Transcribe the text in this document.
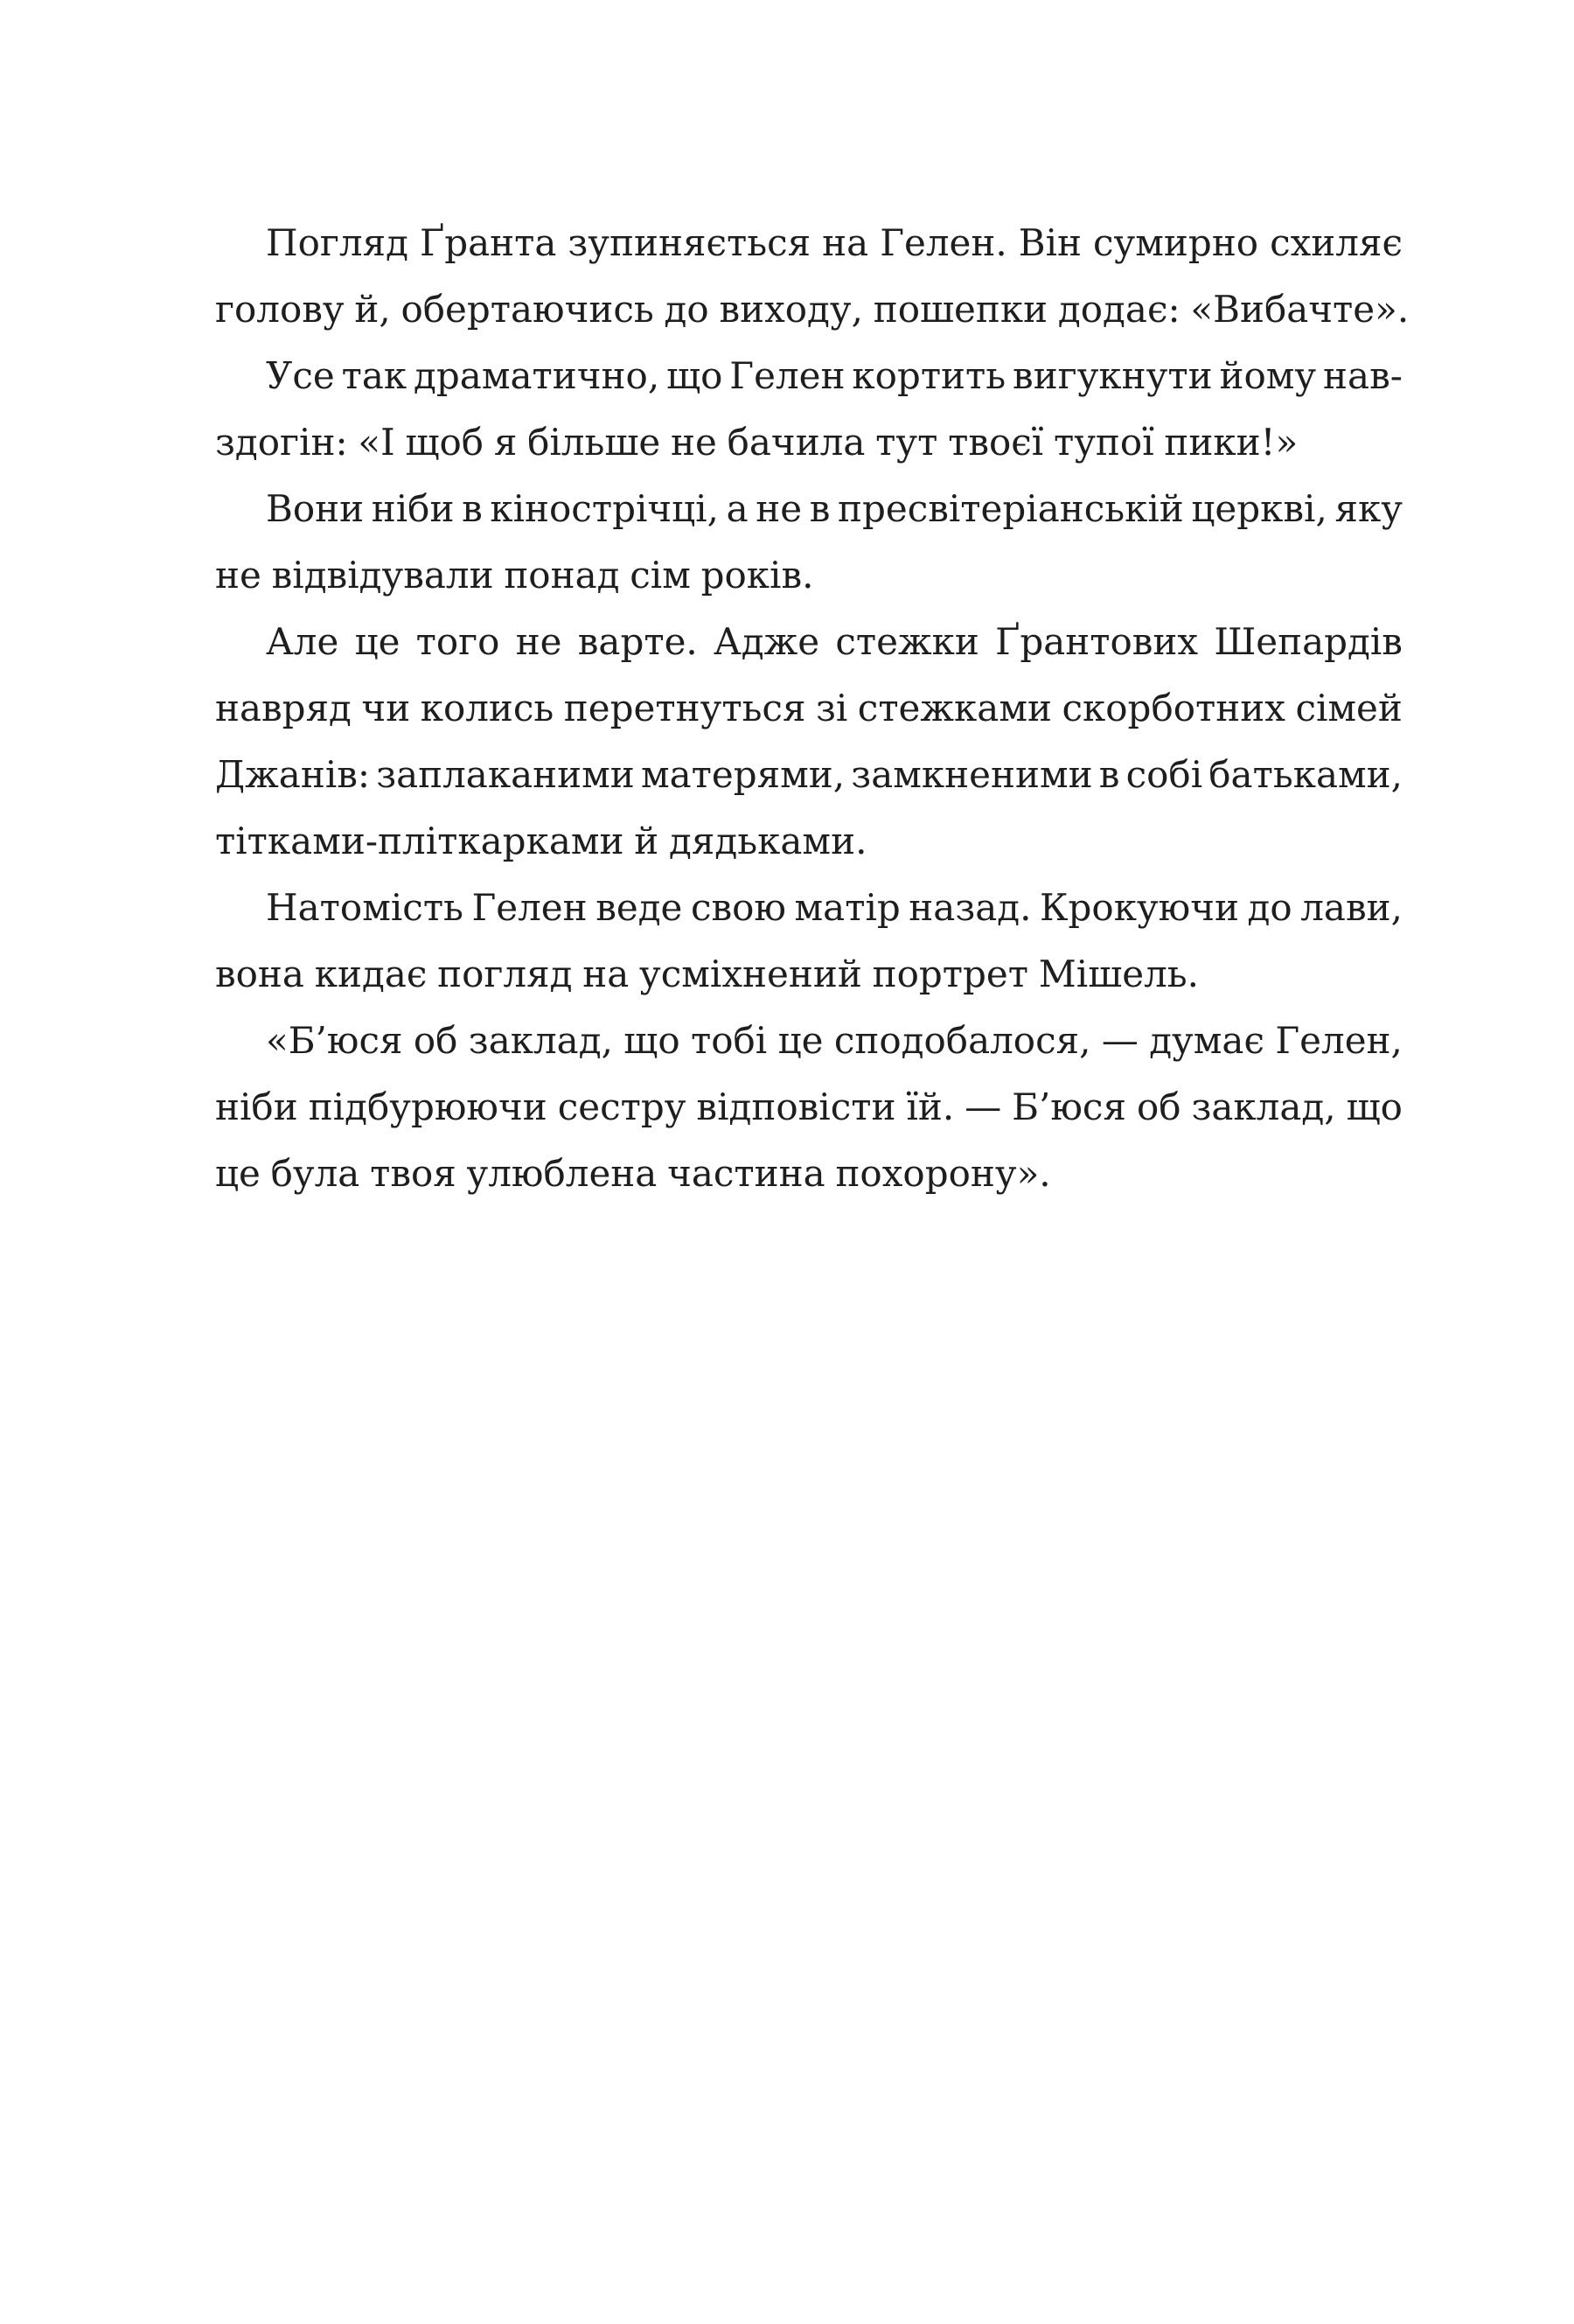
Погляд Ґранта зупиняється на Гелен. Він сумирно схиляє
голову й, обертаючись до виходу, пошепки додає: «Вибачте».
Усе так драматично, що Гелен кортить вигукнути йому нав-
здогін: «І щоб я більше не бачила тут твоєї тупої пики!»
Вони ніби в кінострічці, а не в пресвітеріанській церкві, яку
не відвідували понад сім років.
Але це того не варте. Адже стежки Ґрантових Шепардів
навряд чи колись перетнуться зі стежками скорботних сімей
Джанів: заплаканими матерями, замкненими в собі батьками,
тітками-пліткарками й дядьками.
Натомість Гелен веде свою матір назад. Крокуючи до лави,
вона кидає погляд на усміхнений портрет Мішель.
«Б’юся об заклад, що тобі це сподобалося, — думає Гелен,
ніби підбурюючи сестру відповісти їй. — Б’юся об заклад, що
це була твоя улюблена частина похорону».
